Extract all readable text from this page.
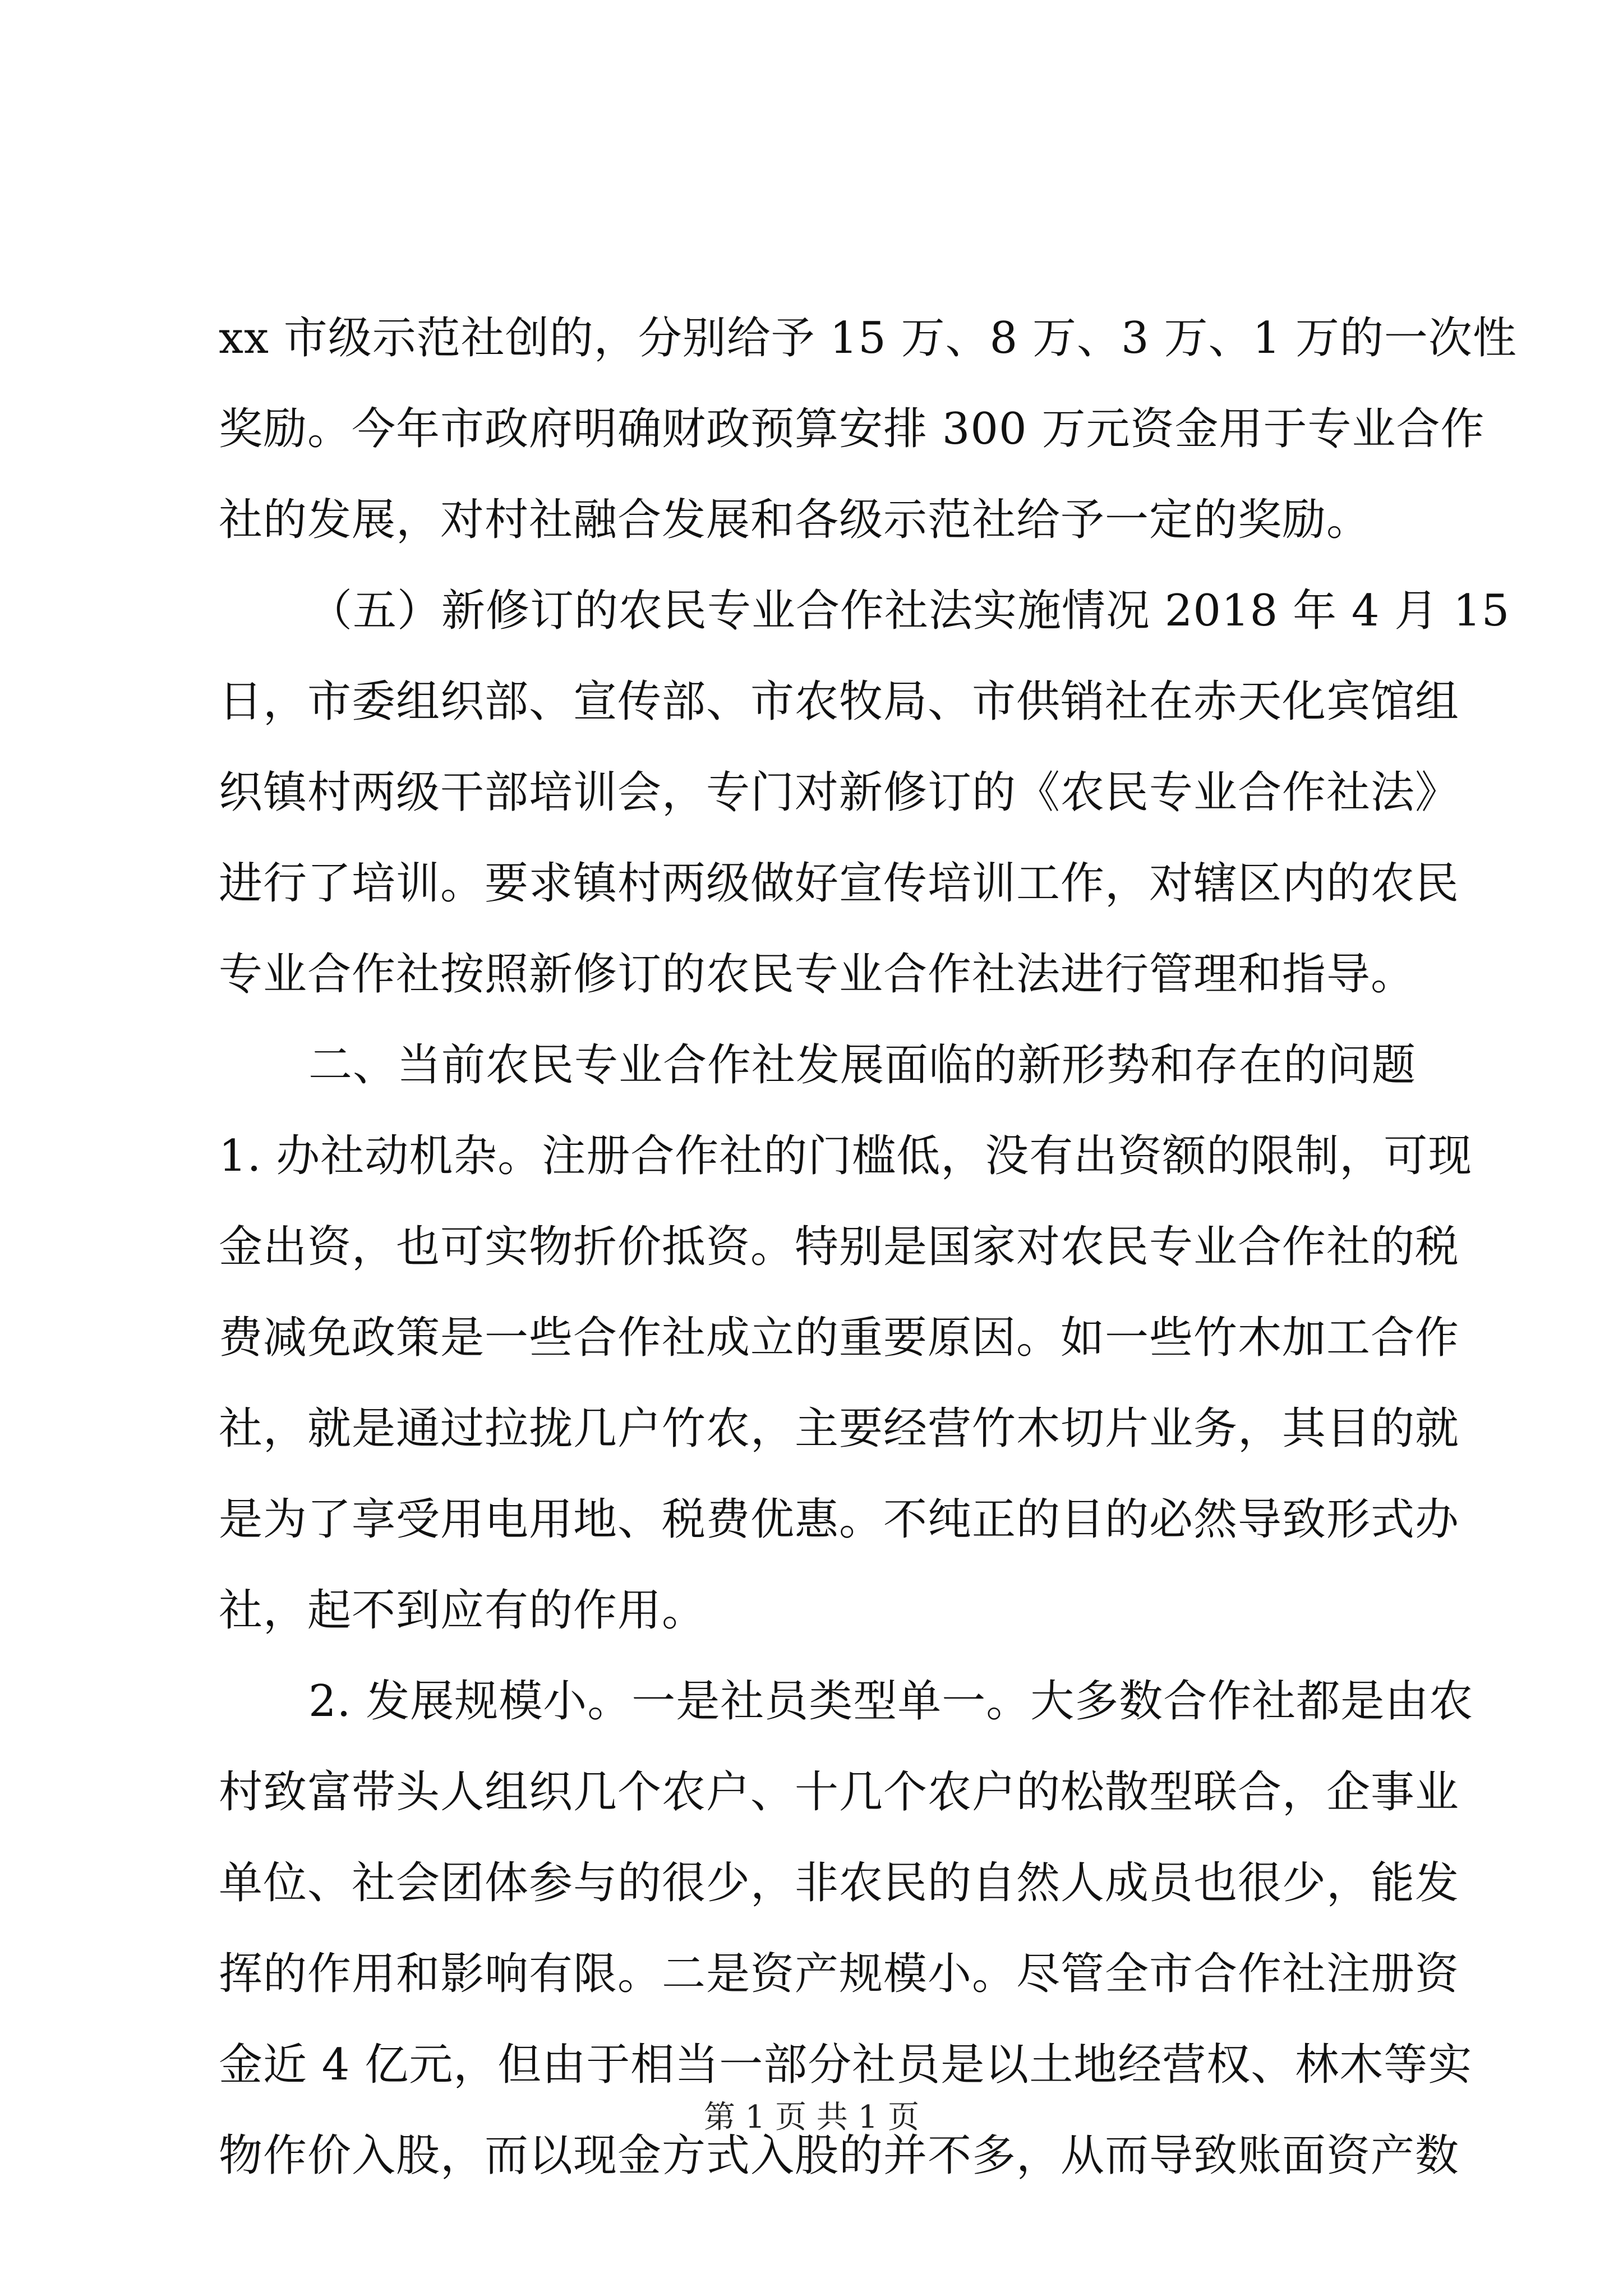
xx 市级示范社创的，分别给予 15 万、8 万、3 万、1 万的一次性
奖励。今年市政府明确财政预算安排 300 万元资金用于专业合作
社的发展，对村社融合发展和各级示范社给予一定的奖励。
（五）新修订的农民专业合作社法实施情况 2018 年 4 月 15
日，市委组织部、宣传部、市农牧局、市供销社在赤天化宾馆组
织镇村两级干部培训会，专门对新修订的《农民专业合作社法》
进行了培训。要求镇村两级做好宣传培训工作，对辖区内的农民
专业合作社按照新修订的农民专业合作社法进行管理和指导。
二、当前农民专业合作社发展面临的新形势和存在的问题
1. 办社动机杂。注册合作社的门槛低，没有出资额的限制，可现
金出资，也可实物折价抵资。特别是国家对农民专业合作社的税
费减免政策是一些合作社成立的重要原因。如一些竹木加工合作
社，就是通过拉拢几户竹农，主要经营竹木切片业务，其目的就
是为了享受用电用地、税费优惠。不纯正的目的必然导致形式办
社，起不到应有的作用。
2. 发展规模小。一是社员类型单一。大多数合作社都是由农
村致富带头人组织几个农户、十几个农户的松散型联合，企事业
单位、社会团体参与的很少，非农民的自然人成员也很少，能发
挥的作用和影响有限。二是资产规模小。尽管全市合作社注册资
金近 4 亿元，但由于相当一部分社员是以土地经营权、林木等实
物作价入股，而以现金方式入股的并不多，从而导致账面资产数
第 1 页 共 1 页
